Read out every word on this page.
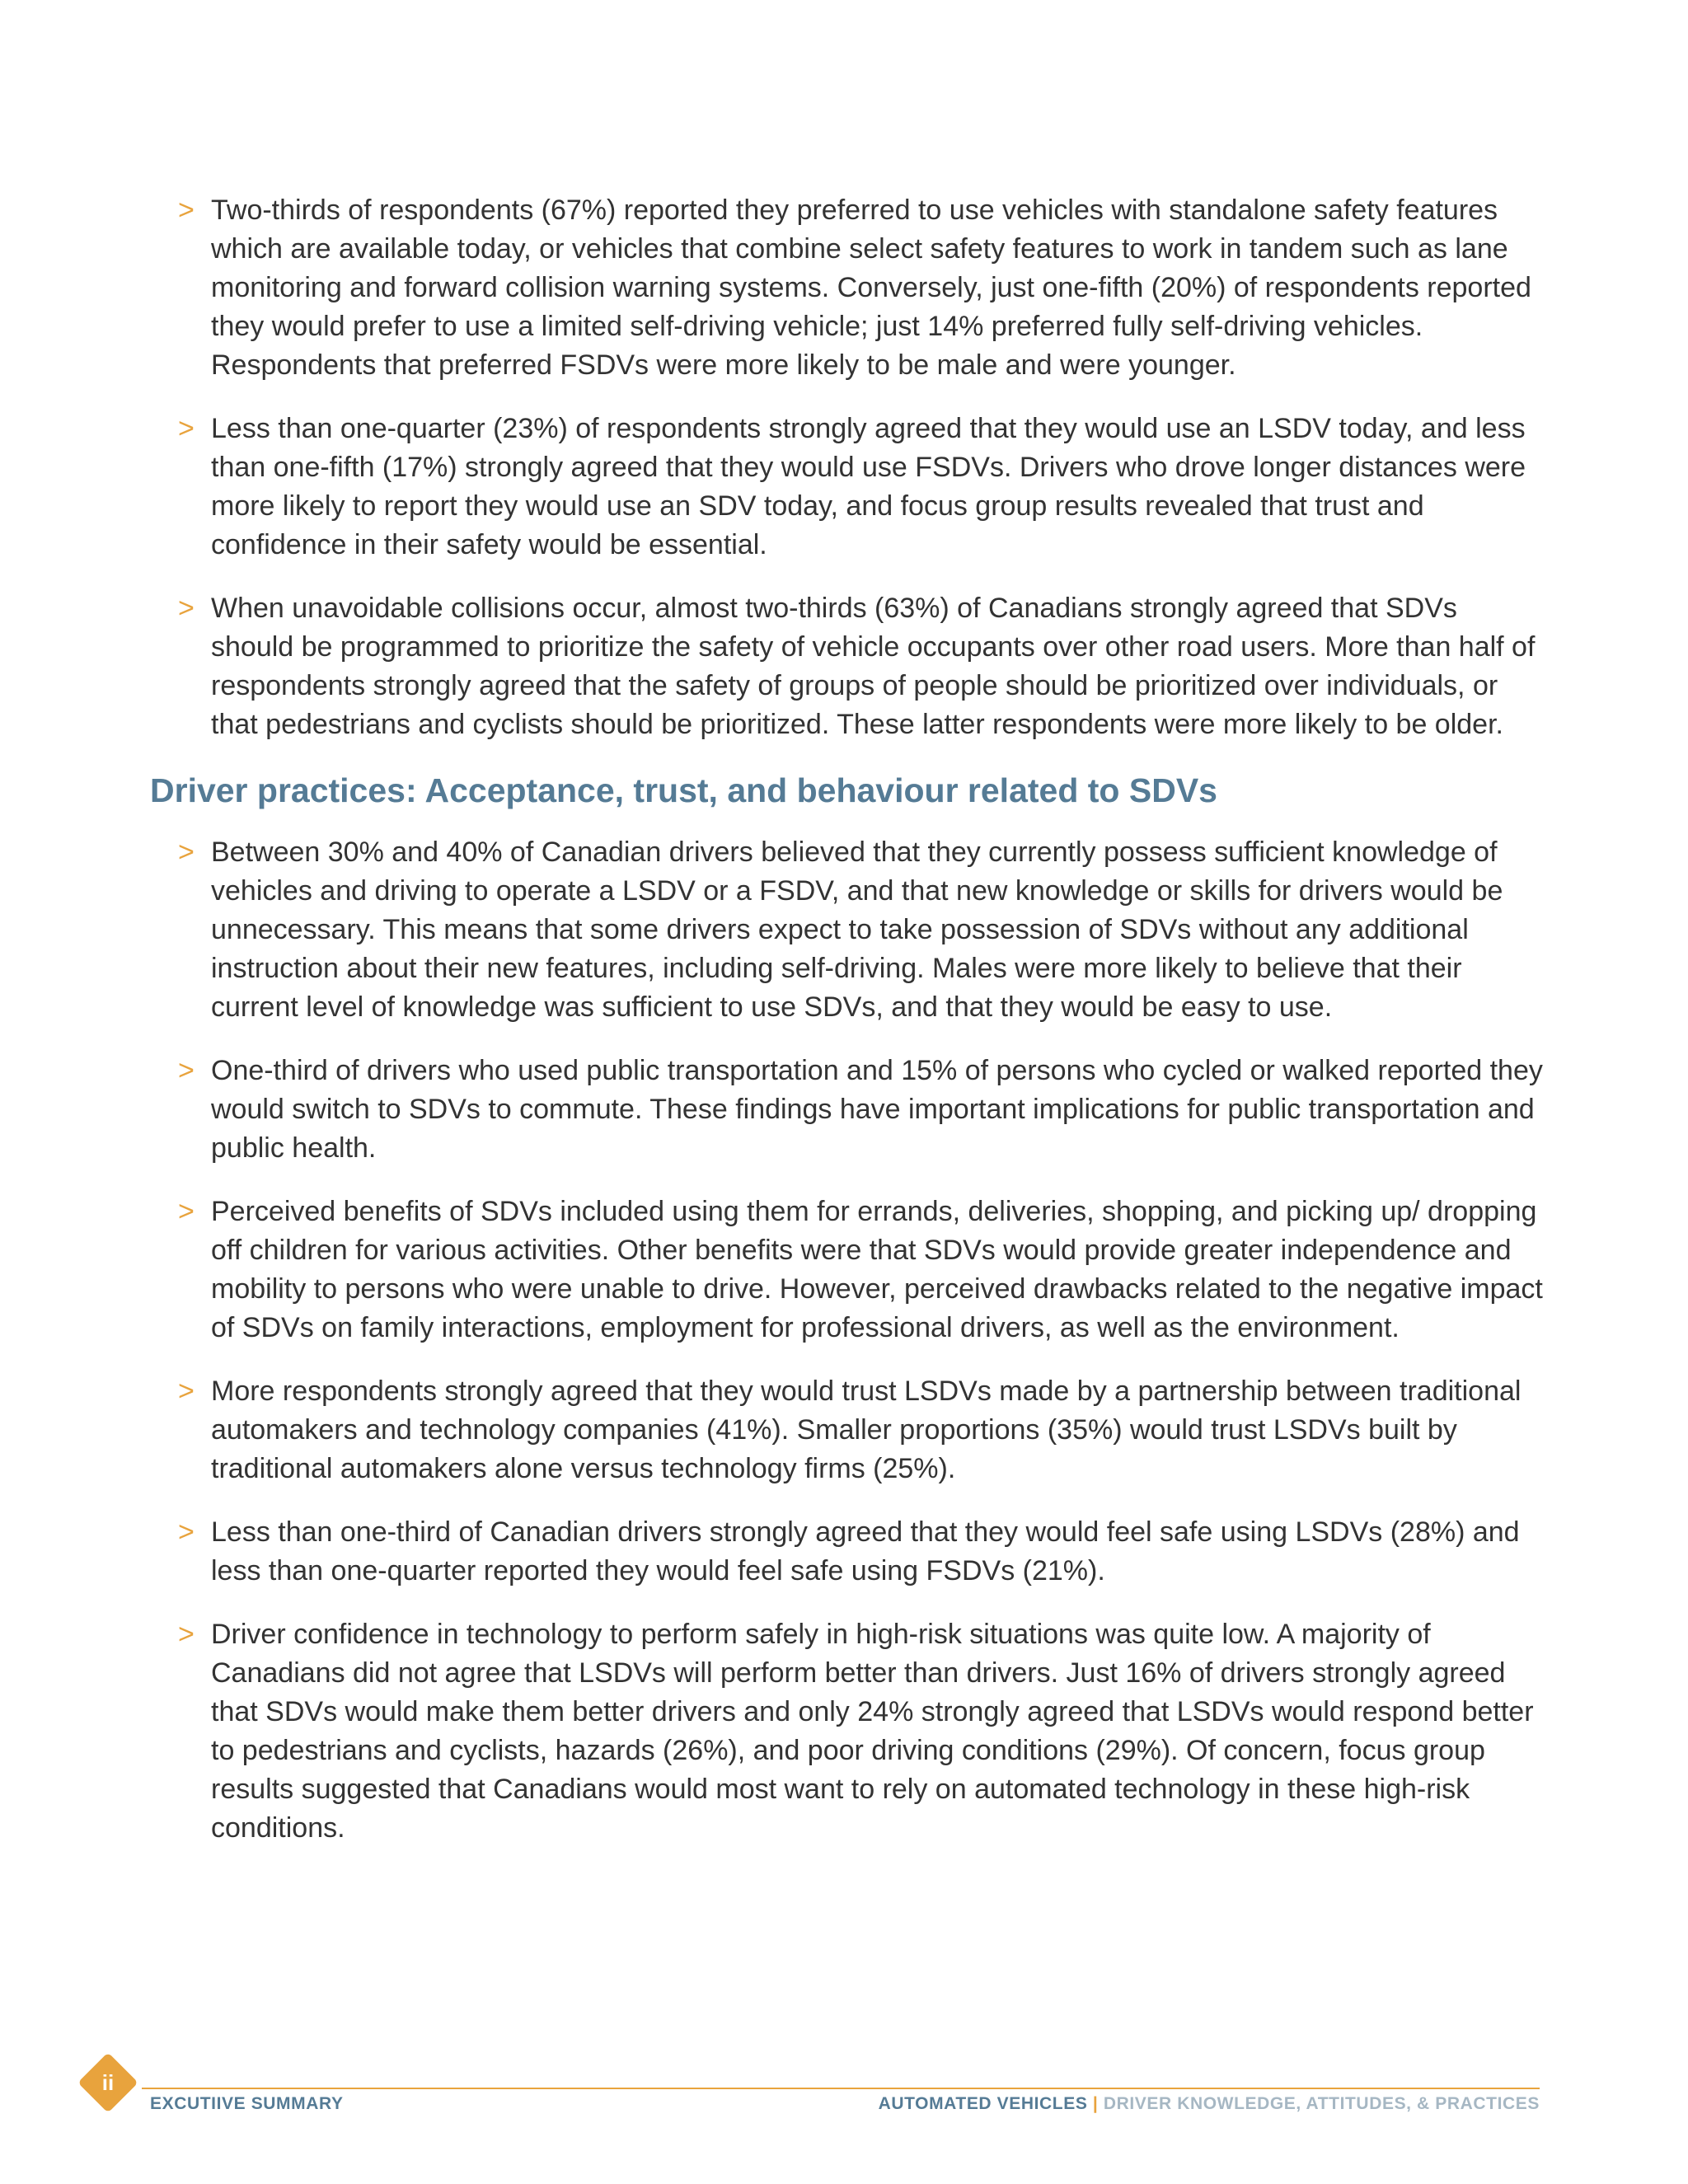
> Two-thirds of respondents (67%) reported they preferred to use vehicles with standalone safety features which are available today, or vehicles that combine select safety features to work in tandem such as lane monitoring and forward collision warning systems. Conversely, just one-fifth (20%) of respondents reported they would prefer to use a limited self-driving vehicle; just 14% preferred fully self-driving vehicles. Respondents that preferred FSDVs were more likely to be male and were younger.
> Less than one-quarter (23%) of respondents strongly agreed that they would use an LSDV today, and less than one-fifth (17%) strongly agreed that they would use FSDVs. Drivers who drove longer distances were more likely to report they would use an SDV today, and focus group results revealed that trust and confidence in their safety would be essential.
> When unavoidable collisions occur, almost two-thirds (63%) of Canadians strongly agreed that SDVs should be programmed to prioritize the safety of vehicle occupants over other road users. More than half of respondents strongly agreed that the safety of groups of people should be prioritized over individuals, or that pedestrians and cyclists should be prioritized. These latter respondents were more likely to be older.
Driver practices: Acceptance, trust, and behaviour related to SDVs
> Between 30% and 40% of Canadian drivers believed that they currently possess sufficient knowledge of vehicles and driving to operate a LSDV or a FSDV, and that new knowledge or skills for drivers would be unnecessary. This means that some drivers expect to take possession of SDVs without any additional instruction about their new features, including self-driving. Males were more likely to believe that their current level of knowledge was sufficient to use SDVs, and that they would be easy to use.
> One-third of drivers who used public transportation and 15% of persons who cycled or walked reported they would switch to SDVs to commute. These findings have important implications for public transportation and public health.
> Perceived benefits of SDVs included using them for errands, deliveries, shopping, and picking up/ dropping off children for various activities. Other benefits were that SDVs would provide greater independence and mobility to persons who were unable to drive. However, perceived drawbacks related to the negative impact of SDVs on family interactions, employment for professional drivers, as well as the environment.
> More respondents strongly agreed that they would trust LSDVs made by a partnership between traditional automakers and technology companies (41%). Smaller proportions (35%) would trust LSDVs built by traditional automakers alone versus technology firms (25%).
> Less than one-third of Canadian drivers strongly agreed that they would feel safe using LSDVs (28%) and less than one-quarter reported they would feel safe using FSDVs (21%).
> Driver confidence in technology to perform safely in high-risk situations was quite low. A majority of Canadians did not agree that LSDVs will perform better than drivers. Just 16% of drivers strongly agreed that SDVs would make them better drivers and only 24% strongly agreed that LSDVs would respond better to pedestrians and cyclists, hazards (26%), and poor driving conditions (29%). Of concern, focus group results suggested that Canadians would most want to rely on automated technology in these high-risk conditions.
ii
EXCUTIIVE SUMMARY	AUTOMATED VEHICLES | DRIVER KNOWLEDGE, ATTITUDES, & PRACTICES
